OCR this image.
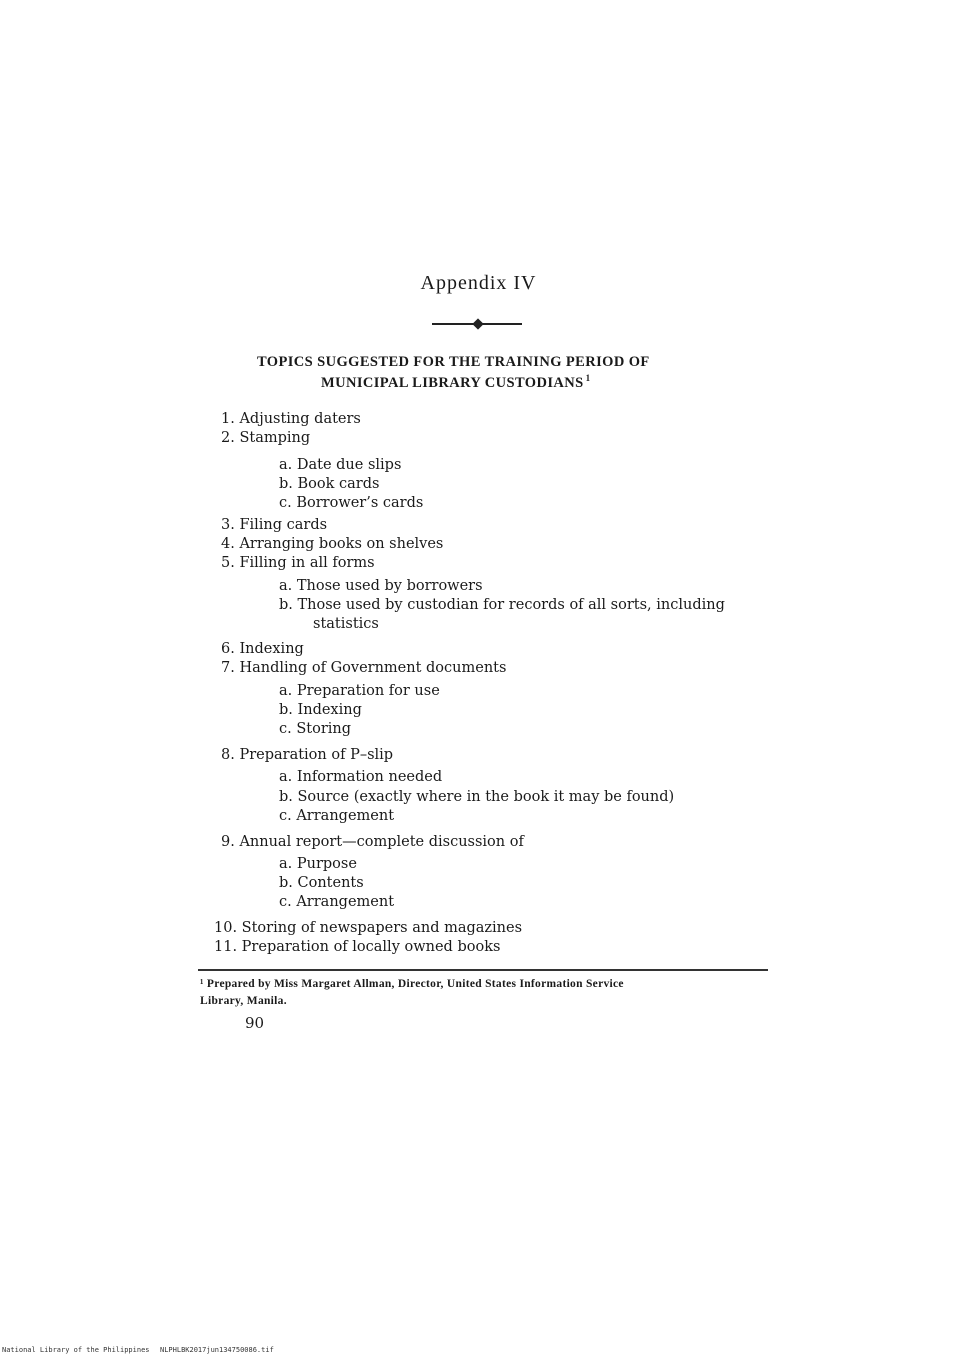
Appendix IV
TOPICS SUGGESTED FOR THE TRAINING PERIOD OF
MUNICIPAL LIBRARY CUSTODIANS $^1$
1. Adjusting daters
2. Stamping
a. Date due slips
b. Book cards
c. Borrower’s cards
3. Filing cards
4. Arranging books on shelves
5. Filling in all forms
a. Those used by borrowers
b. Those used by custodian for records of all sorts, including
statistics
6. Indexing
7. Handling of Government documents
a. Preparation for use
b. Indexing
c. Storing
8. Preparation of P–slip
a. Information needed
b. Source (exactly where in the book it may be found)
c. Arrangement
9. Annual report—complete discussion of
a. Purpose
b. Contents
c. Arrangement
10. Storing of newspapers and magazines
11. Preparation of locally owned books
¹ Prepared by Miss Margaret Allman, Director, United States Information Service
Library, Manila.
90
National Library of the Philippines NLPHLBK2017jun134750086.tif
